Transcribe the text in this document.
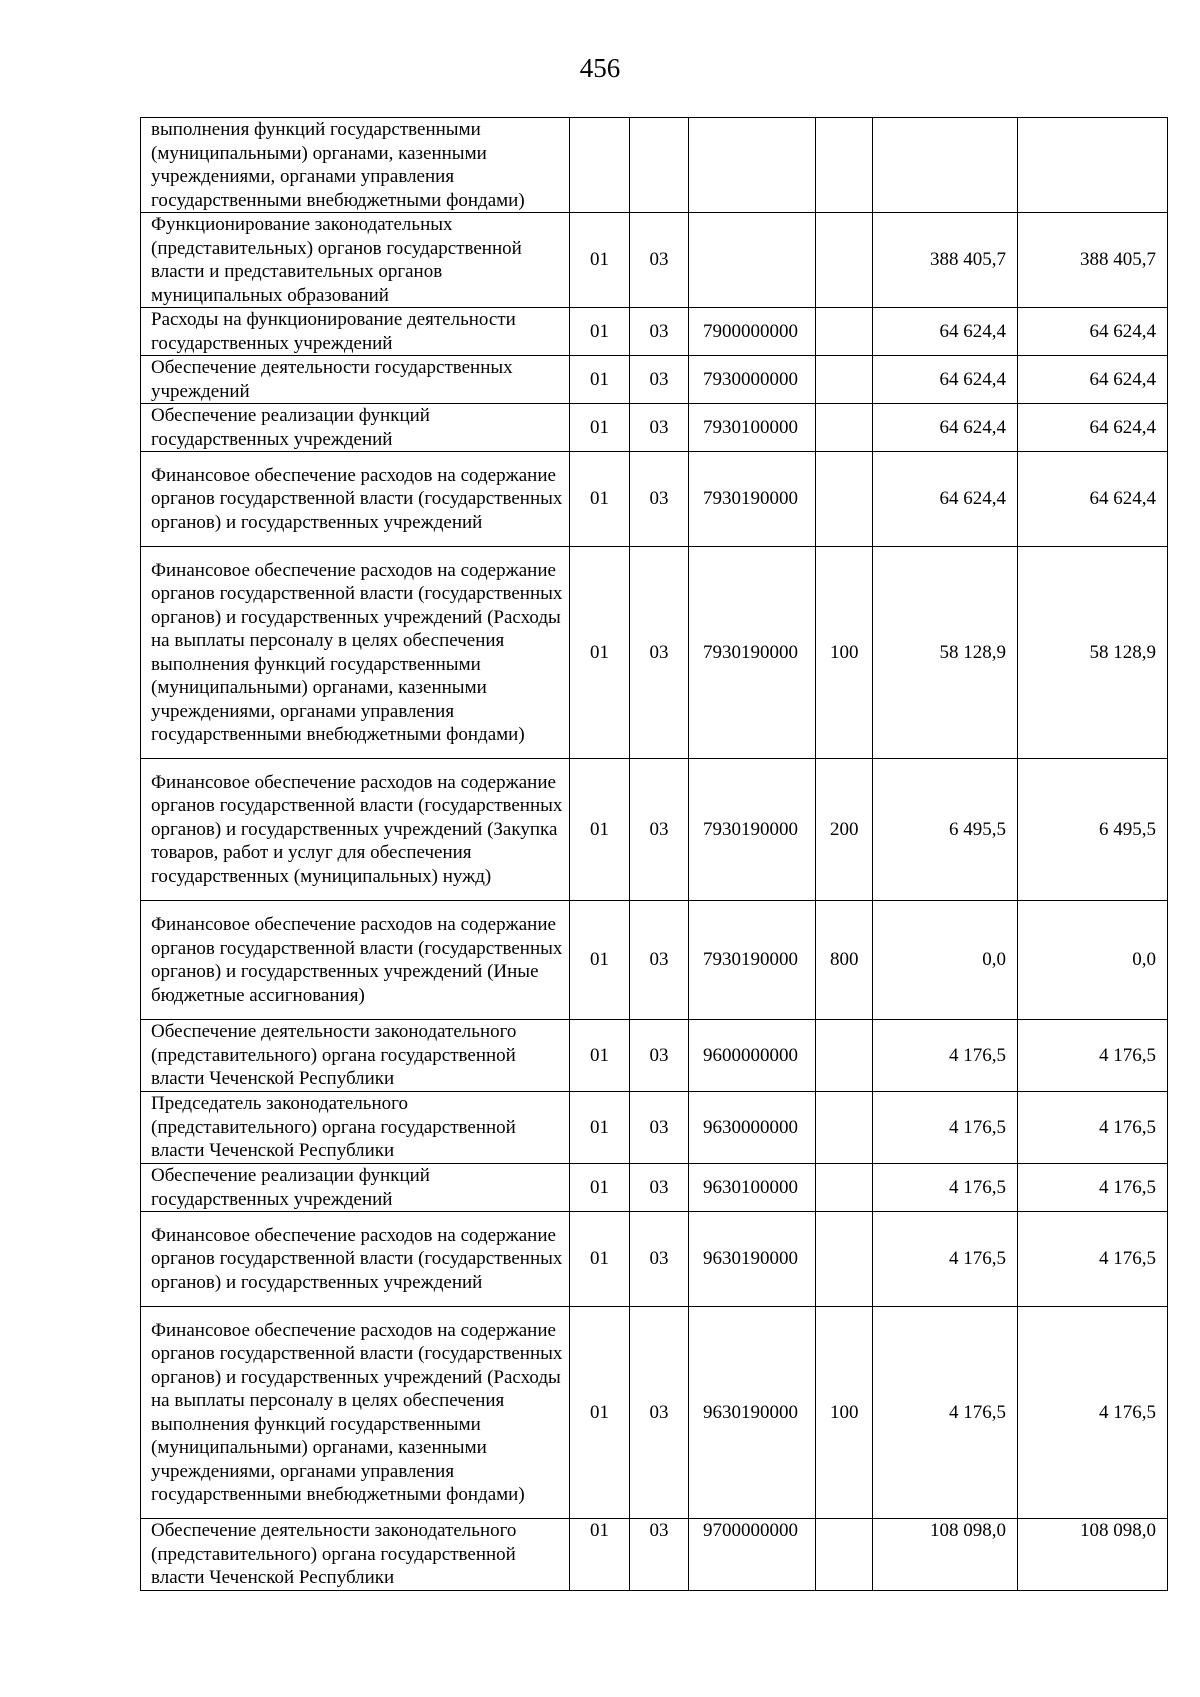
456
выполнения функций государственными (муниципальными) органами, казенными учреждениями, органами управления государственными внебюджетными фондами)						
Функционирование законодательных (представительных) органов государственной власти и представительных органов муниципальных образований	01	03			388 405,7	388 405,7
Расходы на функционирование деятельности государственных учреждений	01	03	7900000000		64 624,4	64 624,4
Обеспечение деятельности государственных учреждений	01	03	7930000000		64 624,4	64 624,4
Обеспечение реализации функций государственных учреждений	01	03	7930100000		64 624,4	64 624,4
Финансовое обеспечение расходов на содержание органов государственной власти (государственных органов) и государственных учреждений	01	03	7930190000		64 624,4	64 624,4
Финансовое обеспечение расходов на содержание органов государственной власти (государственных органов) и государственных учреждений (Расходы на выплаты персоналу в целях обеспечения выполнения функций государственными (муниципальными) органами, казенными учреждениями, органами управления государственными внебюджетными фондами)	01	03	7930190000	100	58 128,9	58 128,9
Финансовое обеспечение расходов на содержание органов государственной власти (государственных органов) и государственных учреждений (Закупка товаров, работ и услуг для обеспечения государственных (муниципальных) нужд)	01	03	7930190000	200	6 495,5	6 495,5
Финансовое обеспечение расходов на содержание органов государственной власти (государственных органов) и государственных учреждений (Иные бюджетные ассигнования)	01	03	7930190000	800	0,0	0,0
Обеспечение деятельности законодательного (представительного) органа государственной власти Чеченской Республики	01	03	9600000000		4 176,5	4 176,5
Председатель законодательного (представительного) органа государственной власти Чеченской Республики	01	03	9630000000		4 176,5	4 176,5
Обеспечение реализации функций государственных учреждений	01	03	9630100000		4 176,5	4 176,5
Финансовое обеспечение расходов на содержание органов государственной власти (государственных органов) и государственных учреждений	01	03	9630190000		4 176,5	4 176,5
Финансовое обеспечение расходов на содержание органов государственной власти (государственных органов) и государственных учреждений (Расходы на выплаты персоналу в целях обеспечения выполнения функций государственными (муниципальными) органами, казенными учреждениями, органами управления государственными внебюджетными фондами)	01	03	9630190000	100	4 176,5	4 176,5
Обеспечение деятельности законодательного (представительного) органа государственной власти Чеченской Республики	01	03	9700000000		108 098,0	108 098,0
